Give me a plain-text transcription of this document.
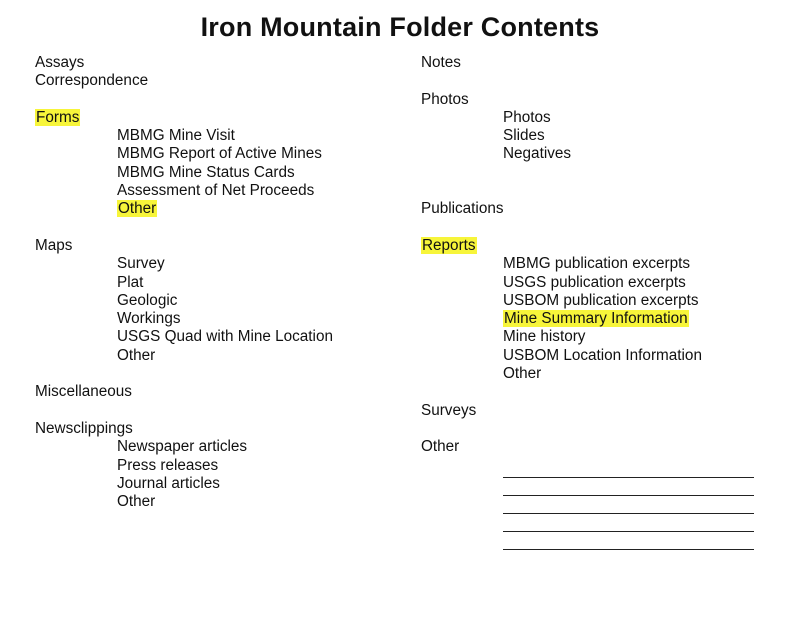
Iron Mountain Folder Contents
Assays
Correspondence
Forms
MBMG Mine Visit
MBMG Report of Active Mines
MBMG Mine Status Cards
Assessment of Net Proceeds
Other
Maps
Survey
Plat
Geologic
Workings
USGS Quad with Mine Location
Other
Miscellaneous
Newsclippings
Newspaper articles
Press releases
Journal articles
Other
Notes
Photos
Photos
Slides
Negatives
Publications
Reports
MBMG publication excerpts
USGS publication excerpts
USBOM publication excerpts
Mine Summary Information
Mine history
USBOM Location Information
Other
Surveys
Other
